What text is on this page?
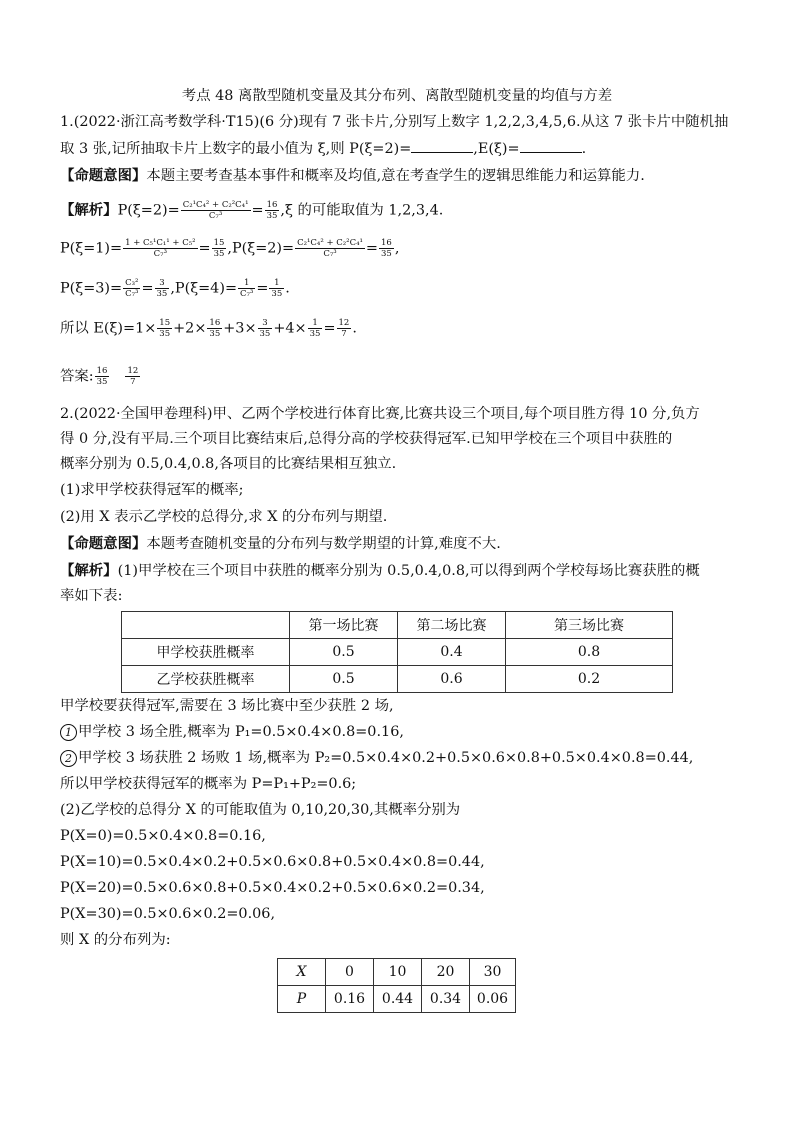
考点 48 离散型随机变量及其分布列、离散型随机变量的均值与方差
1.(2022·浙江高考数学科·T15)(6 分)现有 7 张卡片,分别写上数字 1,2,2,3,4,5,6.从这 7 张卡片中随机抽
取 3 张,记所抽取卡片上数字的最小值为 ξ,则 P(ξ=2)=	,E(ξ)=	.
【命题意图】本题主要考查基本事件和概率及均值,意在考查学生的逻辑思维能力和运算能力.
【解析】$P(\xi=2)= \frac{\text{C₂¹C₄² + C₂²C₄¹}}{\text{C₇³}} = \frac{16}{35} ,\xi$ 的可能取值为 1,2,3,4.
$P(\xi=1)= \frac{\text{1 + C₅¹C₁¹ + C₅²}}{\text{C₇³}} = \frac{15}{35} ,P(\xi=2)= \frac{\text{C₂¹C₄² + C₂²C₄¹}}{\text{C₇³}} = \frac{16}{35}$ ,
$P(\xi=3)= \frac{\text{C₃²}}{\text{C₇³}} = \frac{3}{35} ,P(\xi=4)= \frac{1}{\text{C₇³}} = \frac{1}{35}$ .
所以 $E(\xi)=1\times \frac{15}{35} +2\times \frac{16}{35} +3\times \frac{3}{35} +4\times \frac{1}{35} = \frac{12}{7}$ .
答案: $\frac{16}{35} \frac{12}{7}$
2.(2022·全国甲卷理科)甲、乙两个学校进行体育比赛,比赛共设三个项目,每个项目胜方得 10 分,负方
得 0 分,没有平局.三个项目比赛结束后,总得分高的学校获得冠军.已知甲学校在三个项目中获胜的
概率分别为 0.5,0.4,0.8,各项目的比赛结果相互独立.
(1)求甲学校获得冠军的概率;
(2)用 X 表示乙学校的总得分,求 X 的分布列与期望.
【命题意图】本题考查随机变量的分布列与数学期望的计算,难度不大.
【解析】(1)甲学校在三个项目中获胜的概率分别为 0.5,0.4,0.8,可以得到两个学校每场比赛获胜的概
率如下表:
	第一场比赛	第二场比赛	第三场比赛
甲学校获胜概率	0.5	0.4	0.8
乙学校获胜概率	0.5	0.6	0.2
甲学校要获得冠军,需要在 3 场比赛中至少获胜 2 场,
1 甲学校 3 场全胜,概率为 P₁=0.5×0.4×0.8=0.16,
2 甲学校 3 场获胜 2 场败 1 场,概率为 P₂=0.5×0.4×0.2+0.5×0.6×0.8+0.5×0.4×0.8=0.44,
所以甲学校获得冠军的概率为 P=P₁+P₂=0.6;
(2)乙学校的总得分 X 的可能取值为 0,10,20,30,其概率分别为
P(X=0)=0.5×0.4×0.8=0.16,
P(X=10)=0.5×0.4×0.2+0.5×0.6×0.8+0.5×0.4×0.8=0.44,
P(X=20)=0.5×0.6×0.8+0.5×0.4×0.2+0.5×0.6×0.2=0.34,
P(X=30)=0.5×0.6×0.2=0.06,
则 X 的分布列为:
X	0	10	20	30
P	0.16	0.44	0.34	0.06
